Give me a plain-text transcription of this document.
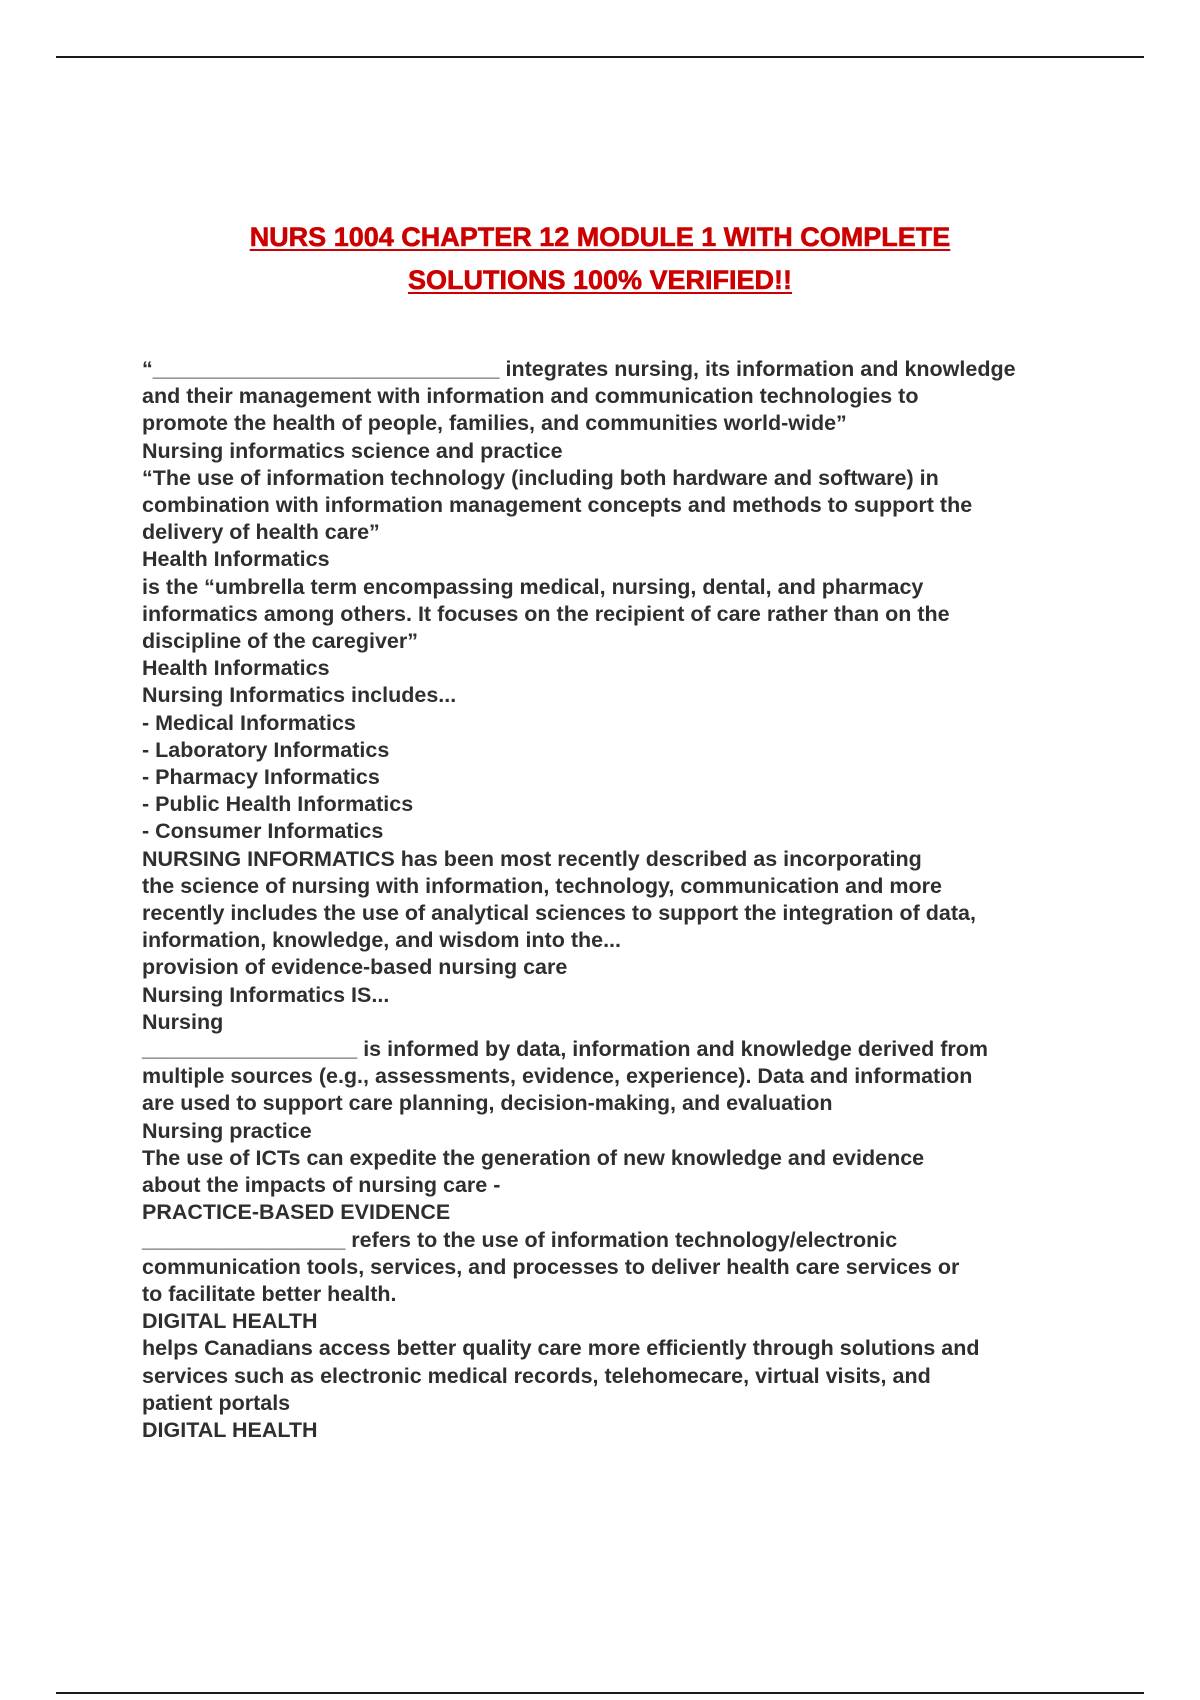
NURS 1004 CHAPTER 12 MODULE 1 WITH COMPLETE
SOLUTIONS 100% VERIFIED!!
“_____________________________ integrates nursing, its information and knowledge
and their management with information and communication technologies to
promote the health of people, families, and communities world-wide”
Nursing informatics science and practice
“The use of information technology (including both hardware and software) in
combination with information management concepts and methods to support the
delivery of health care”
Health Informatics
is the “umbrella term encompassing medical, nursing, dental, and pharmacy
informatics among others. It focuses on the recipient of care rather than on the
discipline of the caregiver”
Health Informatics
Nursing Informatics includes...
- Medical Informatics
- Laboratory Informatics
- Pharmacy Informatics
- Public Health Informatics
- Consumer Informatics
NURSING INFORMATICS has been most recently described as incorporating
the science of nursing with information, technology, communication and more
recently includes the use of analytical sciences to support the integration of data,
information, knowledge, and wisdom into the...
provision of evidence-based nursing care
Nursing Informatics IS...
Nursing
__________________ is informed by data, information and knowledge derived from
multiple sources (e.g., assessments, evidence, experience). Data and information
are used to support care planning, decision-making, and evaluation
Nursing practice
The use of ICTs can expedite the generation of new knowledge and evidence
about the impacts of nursing care -
PRACTICE-BASED EVIDENCE
_________________ refers to the use of information technology/electronic
communication tools, services, and processes to deliver health care services or
to facilitate better health.
DIGITAL HEALTH
helps Canadians access better quality care more efficiently through solutions and
services such as electronic medical records, telehomecare, virtual visits, and
patient portals
DIGITAL HEALTH
